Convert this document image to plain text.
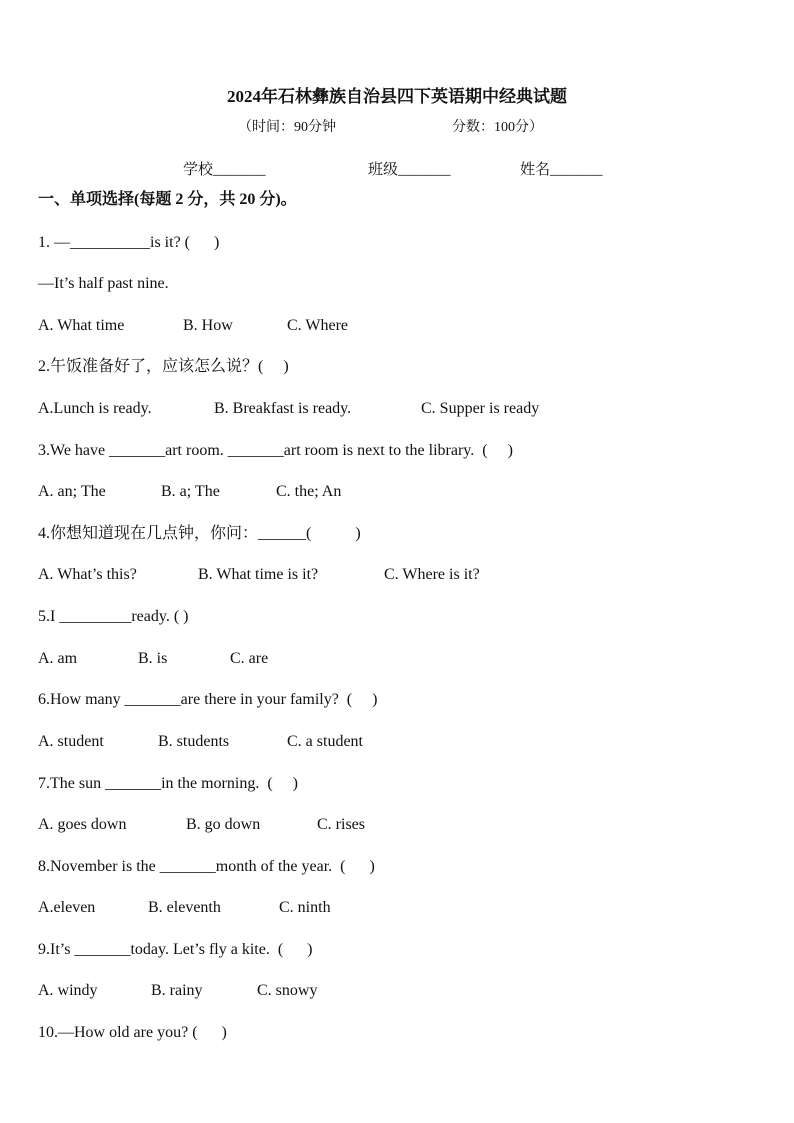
2024年石林彝族自治县四下英语期中经典试题
（时间：90分钟	分数：100分）
学校_______	班级_______	姓名_______
一、单项选择(每题 2 分，共 20 分)。
1. —__________is it? (      )
—It’s half past nine.
A. What time	B. How	C. Where
2.午饭准备好了，应该怎么说？(     )
A.Lunch is ready.	B. Breakfast is ready.	C. Supper is ready
3.We have _______art room. _______art room is next to the library.  (     )
A. an; The	B. a; The	C. the; An
4.你想知道现在几点钟，你问：______(           )
A. What’s this?	B. What time is it?	C. Where is it?
5.I _________ready. ( )
A. am	B. is	C. are
6.How many _______are there in your family?  (     )
A. student	B. students	C. a student
7.The sun _______in the morning.  (     )
A. goes down	B. go down	C. rises
8.November is the _______month of the year.  (      )
A.eleven	B. eleventh	C. ninth
9.It’s _______today. Let’s fly a kite.  (      )
A. windy	B. rainy	C. snowy
10.—How old are you? (      )
